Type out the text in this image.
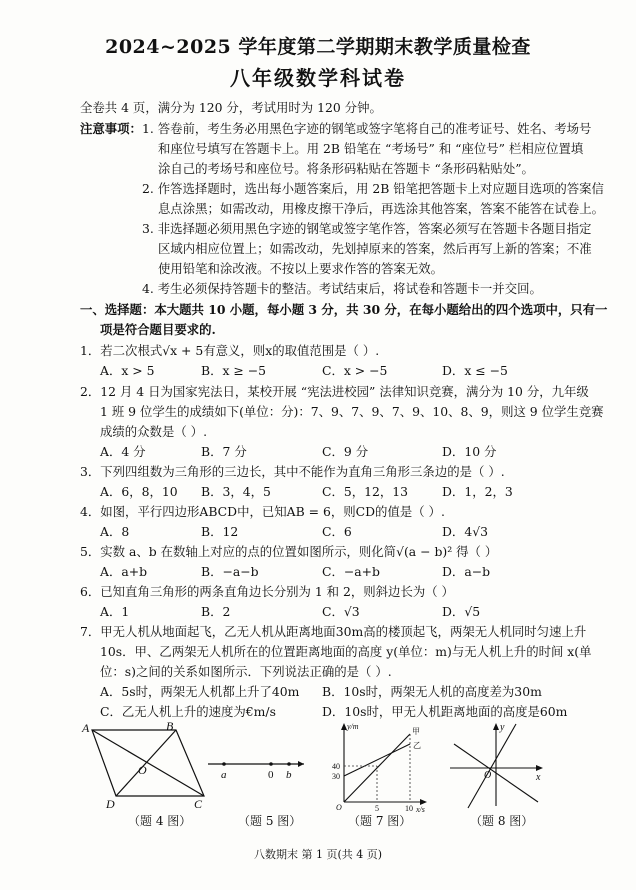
2024~2025 学年度第二学期期末教学质量检查
八年级数学科试卷
全卷共 4 页，满分为 120 分，考试用时为 120 分钟。
注意事项： 1. 答卷前，考生务必用黑色字迹的钢笔或签字笔将自己的准考证号、姓名、考场号
和座位号填写在答题卡上。用 2B 铅笔在 “考场号” 和 “座位号” 栏相应位置填
涂自己的考场号和座位号。将条形码粘贴在答题卡 “条形码粘贴处”。
2. 作答选择题时，选出每小题答案后，用 2B 铅笔把答题卡上对应题目选项的答案信
息点涂黑；如需改动，用橡皮擦干净后，再选涂其他答案，答案不能答在试卷上。
3. 非选择题必须用黑色字迹的钢笔或签字笔作答，答案必须写在答题卡各题目指定
区域内相应位置上；如需改动，先划掉原来的答案，然后再写上新的答案；不准
使用铅笔和涂改液。不按以上要求作答的答案无效。
4. 考生必须保持答题卡的整洁。考试结束后，将试卷和答题卡一并交回。
一、选择题：本大题共 10 小题，每小题 3 分，共 30 分，在每小题给出的四个选项中，只有一
项是符合题目要求的.
1．若二次根式√x + 5有意义，则x的取值范围是（ ）.
A．x > 5	B．x ≥ −5	C．x > −5	D．x ≤ −5
2．12 月 4 日为国家宪法日，某校开展 “宪法进校园” 法律知识竞赛，满分为 10 分，九年级
1 班 9 位学生的成绩如下(单位：分)：7、9、7、9、7、9、10、8、9，则这 9 位学生竞赛
成绩的众数是（ ）.
A．4 分	B．7 分	C．9 分	D．10 分
3．下列四组数为三角形的三边长，其中不能作为直角三角形三条边的是（ ）.
A．6，8，10 B．3，4，5	C．5，12，13	D．1，2，3
4．如图，平行四边形ABCD中，已知AB = 6，则CD的值是（ ）.
A．8	B．12	C．6	D．4√3
5．实数 a、b 在数轴上对应的点的位置如图所示，则化简√(a − b)² 得（ ）
A．a+b	B．−a−b	C．−a+b	D．a−b
6．已知直角三角形的两条直角边长分别为 1 和 2，则斜边长为（ ）
A．1	B．2	C．√3	D．√5
7．甲无人机从地面起飞，乙无人机从距离地面30m高的楼顶起飞，两架无人机同时匀速上升
10s．甲、乙两架无人机所在的位置距离地面的高度 y(单位：m)与无人机上升的时间 x(单
位：s)之间的关系如图所示．下列说法正确的是（ ）.
A．5s时，两架无人机都上升了40m B．10s时，两架无人机的高度差为30m
C．乙无人机上升的速度为€m/s	D．10s时，甲无人机距离地面的高度是60m
A	B
C
D
O
（题 4 图）
a	0 b
（题 5 图）
y/m
x/s
甲
乙
40
30
O	5	10
（题 7 图）
y
x
O
（题 8 图）
八数期末 第 1 页(共 4 页)
